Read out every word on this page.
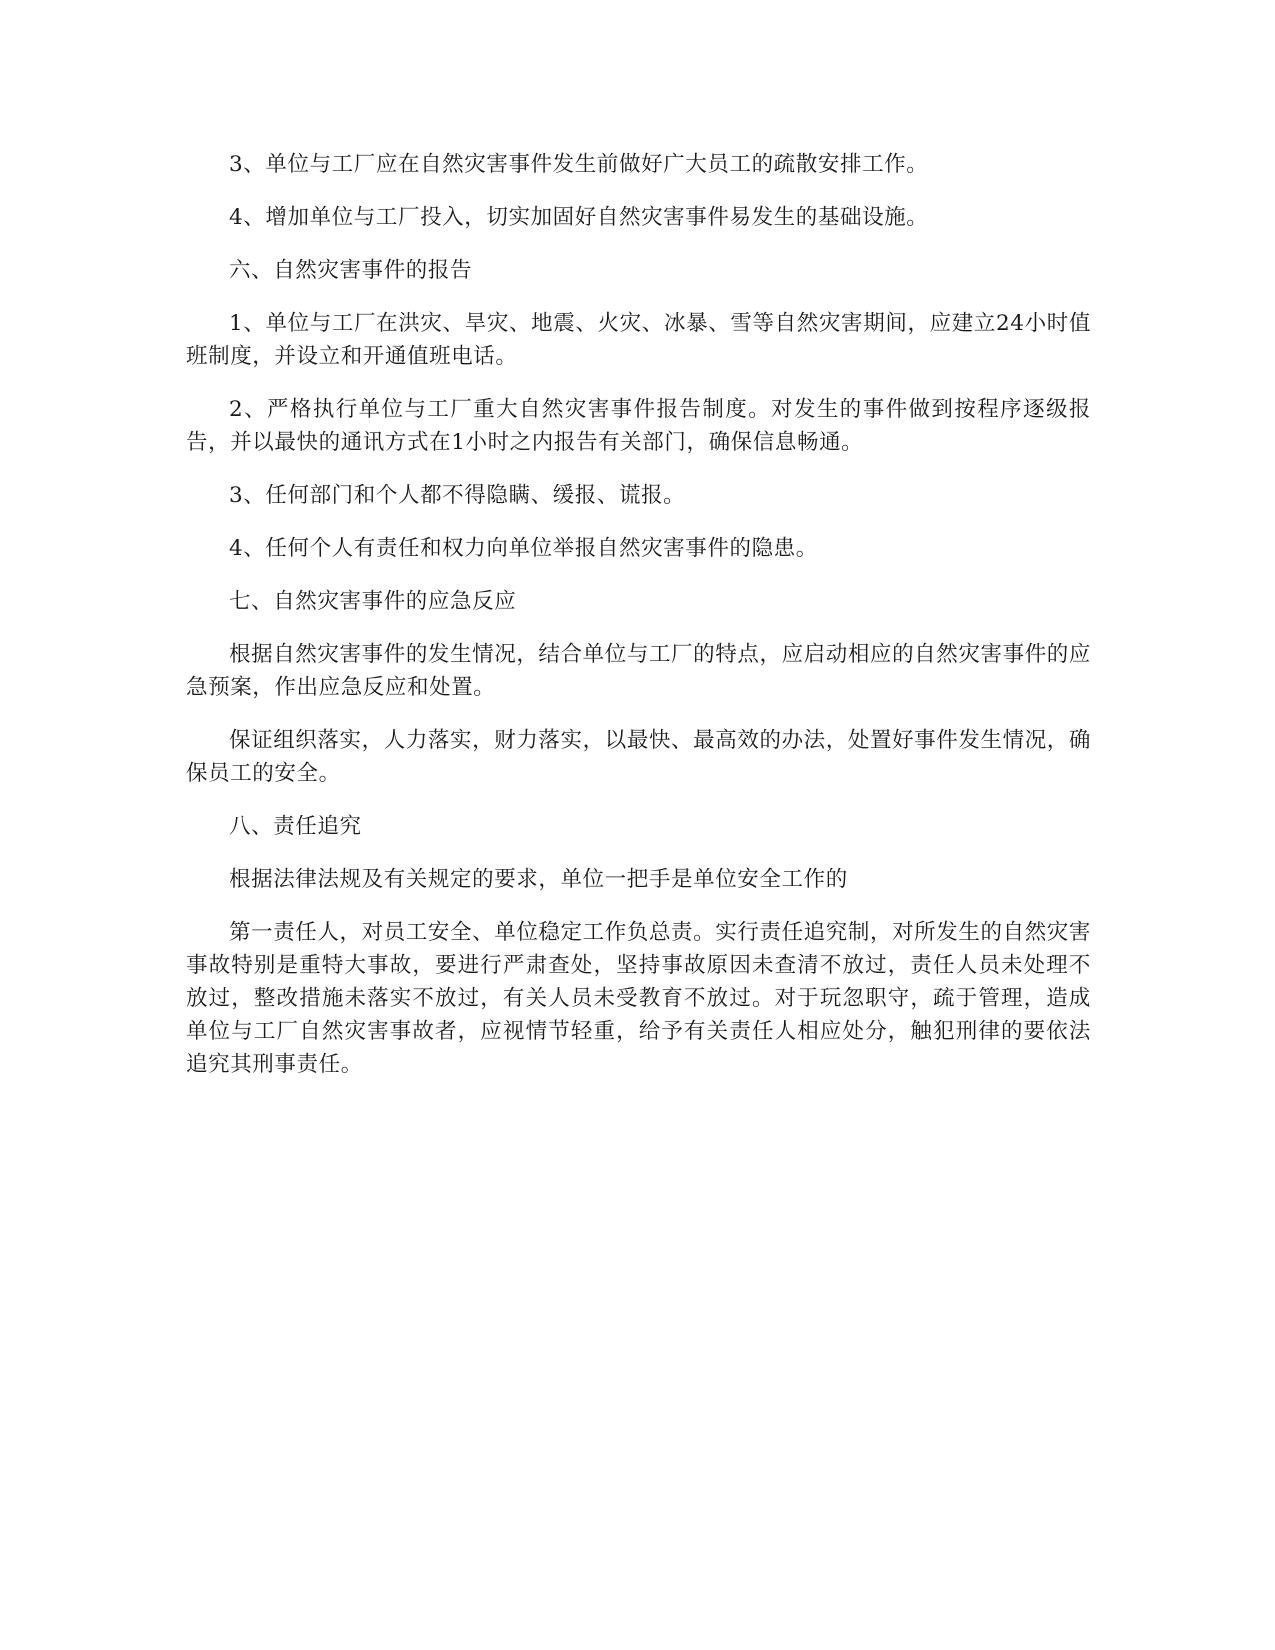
3、单位与工厂应在自然灾害事件发生前做好广大员工的疏散安排工作。

4、增加单位与工厂投入，切实加固好自然灾害事件易发生的基础设施。

六、自然灾害事件的报告

1、单位与工厂在洪灾、旱灾、地震、火灾、冰暴、雪等自然灾害期间，应建立24小时值班制度，并设立和开通值班电话。

2、严格执行单位与工厂重大自然灾害事件报告制度。对发生的事件做到按程序逐级报告，并以最快的通讯方式在1小时之内报告有关部门，确保信息畅通。

3、任何部门和个人都不得隐瞒、缓报、谎报。

4、任何个人有责任和权力向单位举报自然灾害事件的隐患。

七、自然灾害事件的应急反应

根据自然灾害事件的发生情况，结合单位与工厂的特点，应启动相应的自然灾害事件的应急预案，作出应急反应和处置。

保证组织落实，人力落实，财力落实，以最快、最高效的办法，处置好事件发生情况，确保员工的安全。

八、责任追究

根据法律法规及有关规定的要求，单位一把手是单位安全工作的

第一责任人，对员工安全、单位稳定工作负总责。实行责任追究制，对所发生的自然灾害事故特别是重特大事故，要进行严肃查处，坚持事故原因未查清不放过，责任人员未处理不放过，整改措施未落实不放过，有关人员未受教育不放过。对于玩忽职守，疏于管理，造成单位与工厂自然灾害事故者，应视情节轻重，给予有关责任人相应处分，触犯刑律的要依法追究其刑事责任。
